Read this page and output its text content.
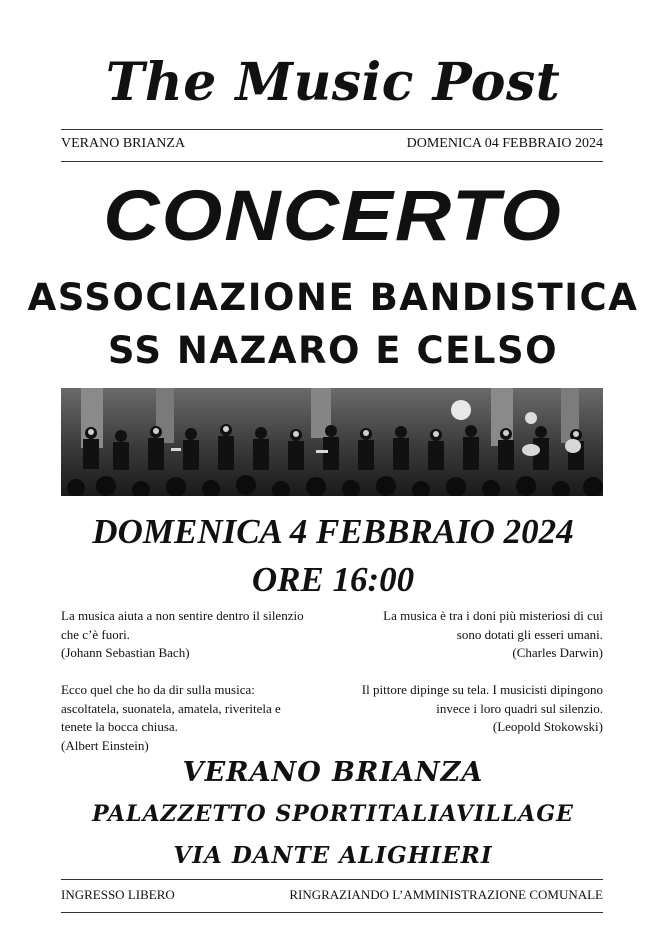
The Music Post
VERANO BRIANZA	DOMENICA 04 FEBBRAIO 2024
CONCERTO
ASSOCIAZIONE BANDISTICA
SS NAZARO E CELSO
DOMENICA 4 FEBBRAIO 2024
ORE 16:00
La musica aiuta a non sentire dentro il silenzio
che c’è fuori.
(Johann Sebastian Bach)
La musica è tra i doni più misteriosi di cui
sono dotati gli esseri umani.
(Charles Darwin)
Ecco quel che ho da dir sulla musica:
ascoltatela, suonatela, amatela, riveritela e
tenete la bocca chiusa.
(Albert Einstein)
Il pittore dipinge su tela. I musicisti dipingono
invece i loro quadri sul silenzio.
(Leopold Stokowski)
VERANO BRIANZA
PALAZZETTO SPORTITALIAVILLAGE
VIA DANTE ALIGHIERI
INGRESSO LIBERO	RINGRAZIANDO L’AMMINISTRAZIONE COMUNALE
